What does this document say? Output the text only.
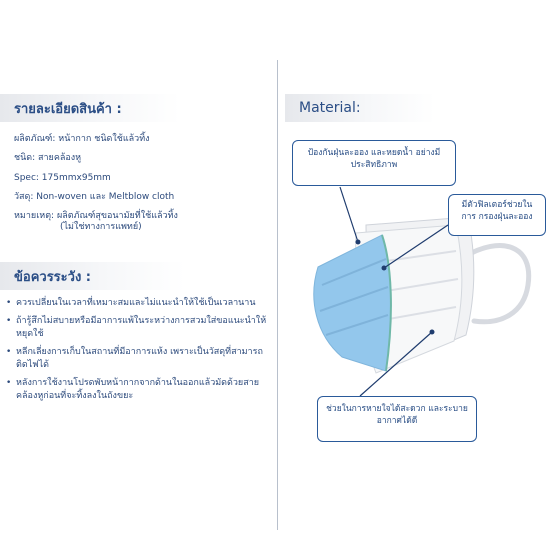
รายละเอียดสินค้า :
ผลิตภัณฑ์: หน้ากาก ชนิดใช้แล้วทิ้ง
ชนิด: สายคล้องหู
Spec: 175mmx95mm
วัสดุ: Non-woven และ Meltblow cloth
หมายเหตุ: ผลิตภัณฑ์สุขอนามัยที่ใช้แล้วทิ้ง
(ไม่ใช่ทางการแพทย์)
ข้อควรระวัง :
• ควรเปลี่ยนในเวลาที่เหมาะสมและไม่แนะนำให้ใช้เป็นเวลานาน
• ถ้ารู้สึกไม่สบายหรือมีอาการแพ้ในระหว่างการสวมใส่ขอแนะนำให้หยุดใช้
• หลีกเลี่ยงการเก็บในสถานที่มีอาการแห้ง เพราะเป็นวัสดุที่สามารถติดไฟได้
• หลังการใช้งานโปรดพับหน้ากากจากด้านในออกแล้วมัดด้วยสายคล้องหูก่อนที่จะทิ้งลงในถังขยะ
Material:
ป้องกันฝุ่นละออง และหยดน้ำ อย่างมีประสิทธิภาพ
มีตัวฟิลเตอร์ช่วยในการ กรองฝุ่นละออง
ช่วยในการหายใจได้สะดวก และระบายอากาศได้ดี
